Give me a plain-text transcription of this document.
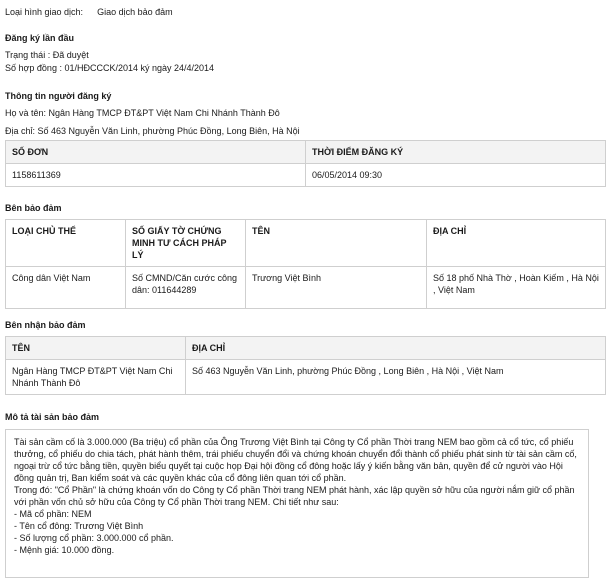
Loại hình giao dịch: Giao dịch bảo đảm
Đăng ký lần đầu
Trạng thái : Đã duyệt
Số hợp đồng : 01/HĐCCCK/2014 ký ngày 24/4/2014
Thông tin người đăng ký
Họ và tên: Ngân Hàng TMCP ĐT&PT Việt Nam Chi Nhánh Thành Đô
Địa chỉ: Số 463 Nguyễn Văn Linh, phường Phúc Đồng, Long Biên, Hà Nội
SỐ ĐƠN	THỜI ĐIỂM ĐĂNG KÝ
1158611369	06/05/2014 09:30
Bên bảo đảm
LOẠI CHỦ THỂ	SỐ GIẤY TỜ CHỨNG MINH TƯ CÁCH PHÁP LÝ	TÊN	ĐỊA CHỈ
Công dân Việt Nam	Số CMND/Căn cước công dân: 011644289	Trương Việt Bình	Số 18 phố Nhà Thờ , Hoàn Kiếm , Hà Nội , Việt Nam
Bên nhận bảo đảm
TÊN	ĐỊA CHỈ
Ngân Hàng TMCP ĐT&PT Việt Nam Chi Nhánh Thành Đô	Số 463 Nguyễn Văn Linh, phường Phúc Đồng , Long Biên , Hà Nội , Việt Nam
Mô tả tài sản bảo đảm

Tài sản cầm cố là 3.000.000 (Ba triệu) cổ phần của Ông Trương Việt Bình tại Công ty Cổ phần Thời trang NEM bao gồm cả cổ tức, cổ phiếu thưởng, cổ phiếu do chia tách, phát hành thêm, trái phiếu chuyển đổi và chứng khoán chuyển đổi thành cổ phiếu phát sinh từ tài sản cầm cố, ngoại trừ cổ tức bằng tiền, quyền biểu quyết tại cuộc họp Đại hội đồng cổ đông hoặc lấy ý kiến bằng văn bản, quyền để cử người vào Hội đồng quản trị, Ban kiểm soát và các quyền khác của cổ đông liên quan tới cổ phần.

Trong đó: "Cổ Phần" là chứng khoán vốn do Công ty Cổ phần Thời trang NEM phát hành, xác lập quyền sở hữu của người nắm giữ cổ phần với phần vốn chủ sở hữu của Công ty Cổ phần Thời trang NEM. Chi tiết như sau:

- Mã cổ phần: NEM

- Tên cổ đông: Trương Việt Bình

- Số lượng cổ phần: 3.000.000 cổ phần.

- Mệnh giá: 10.000 đồng.
